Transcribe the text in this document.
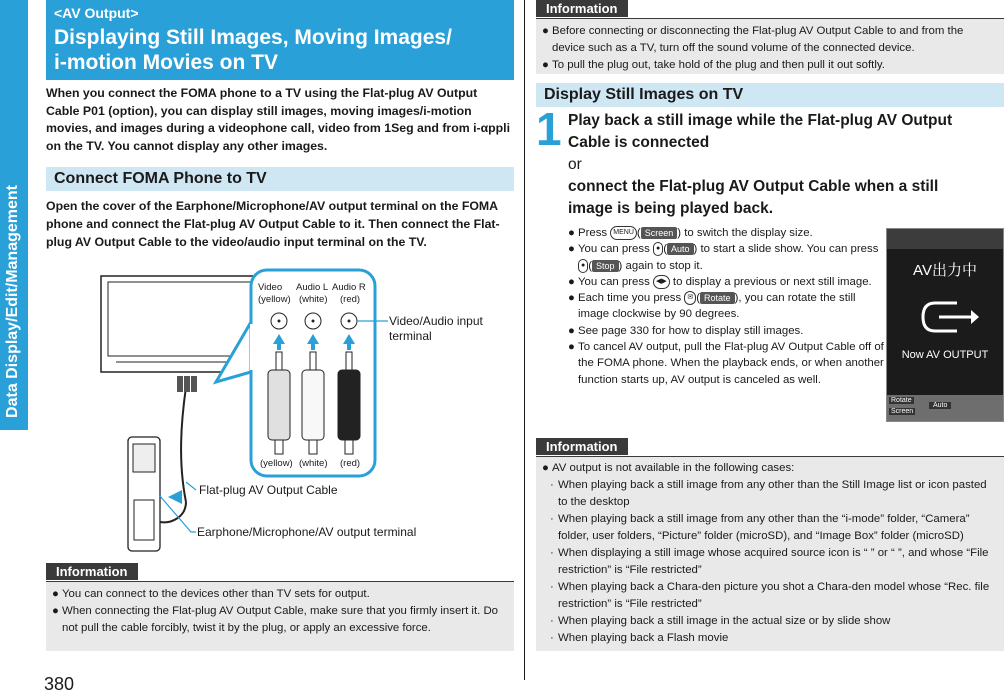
Data Display/Edit/Management
380
<AV Output>
Displaying Still Images, Moving Images/
i-motion Movies on TV
When you connect the FOMA phone to a TV using the Flat-plug AV Output Cable P01 (option), you can display still images, moving images/i-motion movies, and images during a videophone call, video from 1Seg and from i-αppli on the TV. You cannot display any other images.
Connect FOMA Phone to TV
Open the cover of the Earphone/Microphone/AV output terminal on the FOMA phone and connect the Flat-plug AV Output Cable to it. Then connect the Flat-plug AV Output Cable to the video/audio input terminal on the TV.
Video
(yellow)
Audio L
(white)
Audio R
(red)
(yellow) (white) (red)
Video/Audio input
terminal
Flat-plug AV Output Cable
Earphone/Microphone/AV output terminal
Information

● You can connect to the devices other than TV sets for output.

● When connecting the Flat-plug AV Output Cable, make sure that you firmly insert it. Do not pull the cable forcibly, twist it by the plug, or apply an excessive force.

Information

● Before connecting or disconnecting the Flat-plug AV Output Cable to and from the device such as a TV, turn off the sound volume of the connected device.

● To pull the plug out, take hold of the plug and then pull it out softly.

Display Still Images on TV
1 Play back a still image while the Flat-plug AV Output
Cable is connected
or
connect the Flat-plug AV Output Cable when a still
image is being played back.

● Press MENU ( Screen ) to switch the display size.

● You can press ● ( Auto ) to start a slide show. You can press ● ( Stop ) again to stop it.

● You can press ◀▶ to display a previous or next still image.

● Each time you press ✉ ( Rotate ), you can rotate the still image clockwise by 90 degrees.

● See page 330 for how to display still images.

● To cancel AV output, pull the Flat-plug AV Output Cable off of the FOMA phone. When the playback ends, or when another function starts up, AV output is canceled as well.

AV出力中
Now AV OUTPUT
Rotate
Screen
Auto
Information

● AV output is not available in the following cases:

· When playing back a still image from any other than the Still Image list or icon pasted to the desktop
· When playing back a still image from any other than the “i-mode” folder, “Camera” folder, user folders, “Picture” folder (microSD), and “Image Box” folder (microSD)
· When displaying a still image whose acquired source icon is “ ” or “ ”, and whose “File restriction” is “File restricted”
· When playing back a Chara-den picture you shot a Chara-den model whose “Rec. file restriction” is “File restricted”
· When playing back a still image in the actual size or by slide show
· When playing back a Flash movie
